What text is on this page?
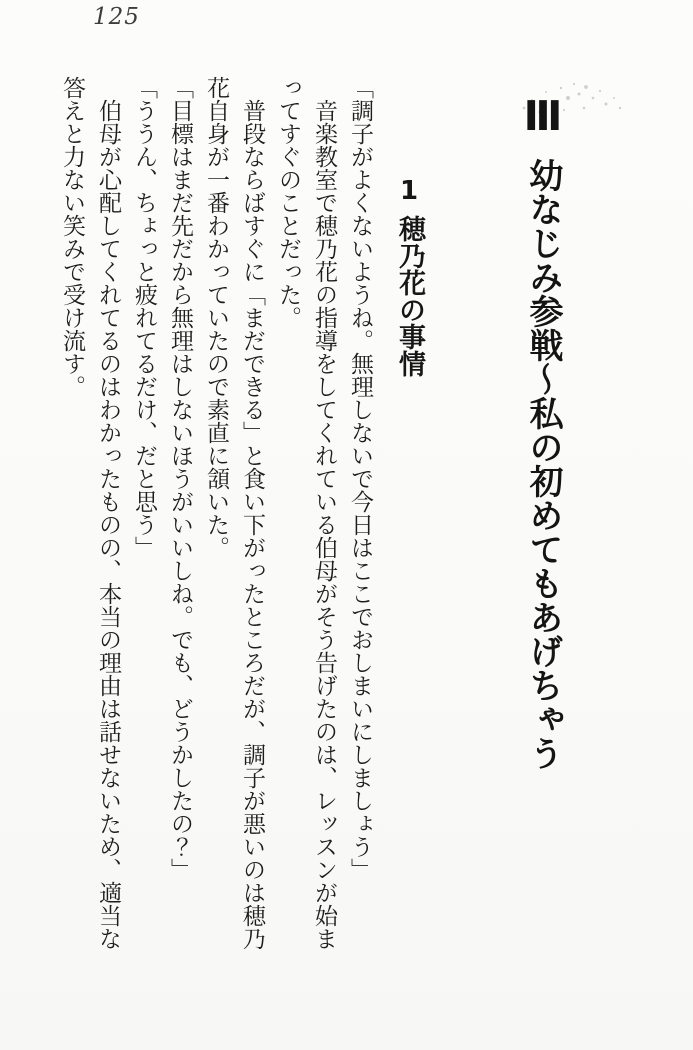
125
Ⅲ幼なじみ参戦〜私の初めてもあげちゃう
1穂乃花の事情

「調子がよくないようね。無理しないで今日はここでおしまいにしましょう」

　音楽教室で穂乃花の指導をしてくれている伯母がそう告げたのは、レッスンが始ま

ってすぐのことだった。

　普段ならばすぐに「まだできる」と食い下がったところだが、調子が悪いのは穂乃

花自身が一番わかっていたので素直に頷いた。

「目標はまだ先だから無理はしないほうがいいしね。でも、どうかしたの？」

「ううん、ちょっと疲れてるだけ、だと思う」

　伯母が心配してくれてるのはわかったものの、本当の理由は話せないため、適当な

答えと力ない笑みで受け流す。
